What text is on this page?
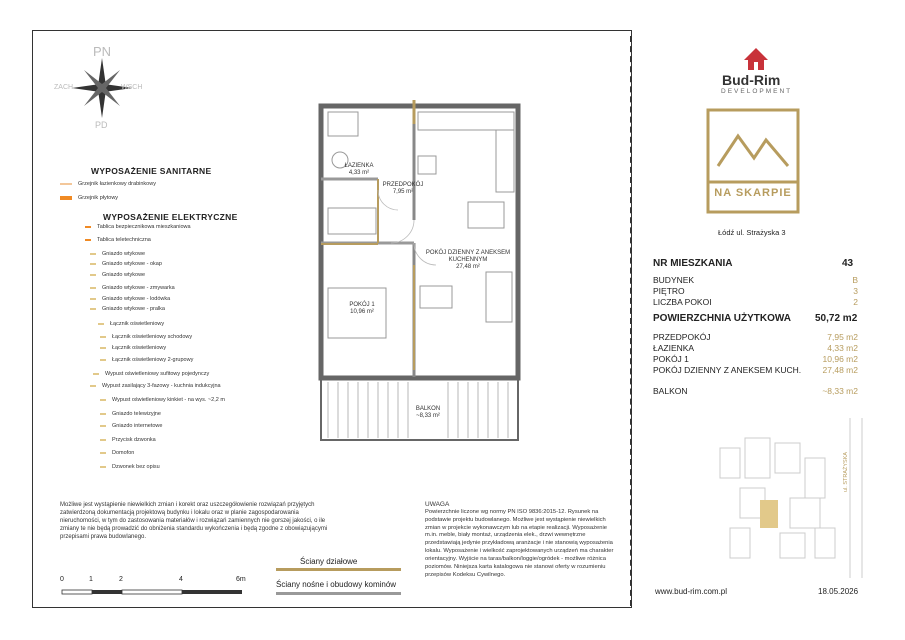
PN
PD
WSCH
ZACH
WYPOSAŻENIE SANITARNE
Grzejnik łazienkowy drabinkowy
Grzejnik płytowy
WYPOSAŻENIE ELEKTRYCZNE
Tablica bezpiecznikowa mieszkaniowa
Tablica teletechniczna
Gniazdo wtykowe
Gniazdo wtykowe - okap
Gniazdo wtykowe
Gniazdo wtykowe - zmywarka
Gniazdo wtykowe - lodówka
Gniazdo wtykowe - pralka
Łącznik oświetleniowy
Łącznik oświetleniowy schodowy
Łącznik oświetleniowy
Łącznik oświetleniowy 2-grupowy
Wypust oświetleniowy sufitowy pojedynczy
Wypust zasilający 3-fazowy - kuchnia indukcyjna
Wypust oświetleniowy kinkiet - na wys. ~2,2 m
Gniazdo telewizyjne
Gniazdo internetowe
Przycisk dzwonka
Domofon
Dzwonek bez opisu
ŁAZIENKA
4,33 m²
PRZEDPOKÓJ
7,95 m²
POKÓJ DZIENNY Z ANEKSEM KUCHENNYM
27,48 m²
POKÓJ 1
10,96 m²
BALKON
~8,33 m²
Możliwe jest wystąpienie niewielkich zmian i korekt oraz uszczegółowienie rozwiązań przyjętych zatwierdzoną dokumentacją projektową budynku i lokalu oraz w planie zagospodarowania nieruchomości, w tym do zastosowania materiałów i rozwiązań zamiennych nie gorszej jakości, o ile zmiany te nie będą prowadzić do obniżenia standardu wykończenia i będą zgodne z obowiązującymi przepisami prawa budowlanego.
UWAGA
Powierzchnie liczone wg normy PN ISO 9836:2015-12. Rysunek na podstawie projektu budowlanego. Możliwe jest wystąpienie niewielkich zmian w projekcie wykonawczym lub na etapie realizacji. Wyposażenie m.in. meble, biały montaż, urządzenia elek., drzwi wewnętrzne przedstawiają jedynie przykładową aranżacje i nie stanowią wyposażenia lokalu. Wyposażenie i wielkość zaprojektowanych urządzeń ma charakter orientacyjny. Wyjście na taras/balkon/loggie/ogródek - możliwe różnica poziomów. Niniejsza karta katalogowa nie stanowi oferty w rozumieniu przepisów Kodeksu Cywilnego.
Ściany działowe
Ściany nośne i obudowy kominów
0	1	2	4	6m
Bud-Rim
DEVELOPMENT
NA SKARPIE
Łódź ul. Strażyska 3
NR MIESZKANIA	43
BUDYNEK	B
PIĘTRO	3
LICZBA POKOI	2
POWIERZCHNIA UŻYTKOWA 50,72 m2
PRZEDPOKÓJ	7,95 m2
ŁAZIENKA	4,33 m2
POKÓJ 1	10,96 m2
POKÓJ DZIENNY Z ANEKSEM KUCH.	27,48 m2
BALKON	~8,33 m2
ul. STRAŻYSKA
www.bud-rim.com.pl	18.05.2026
